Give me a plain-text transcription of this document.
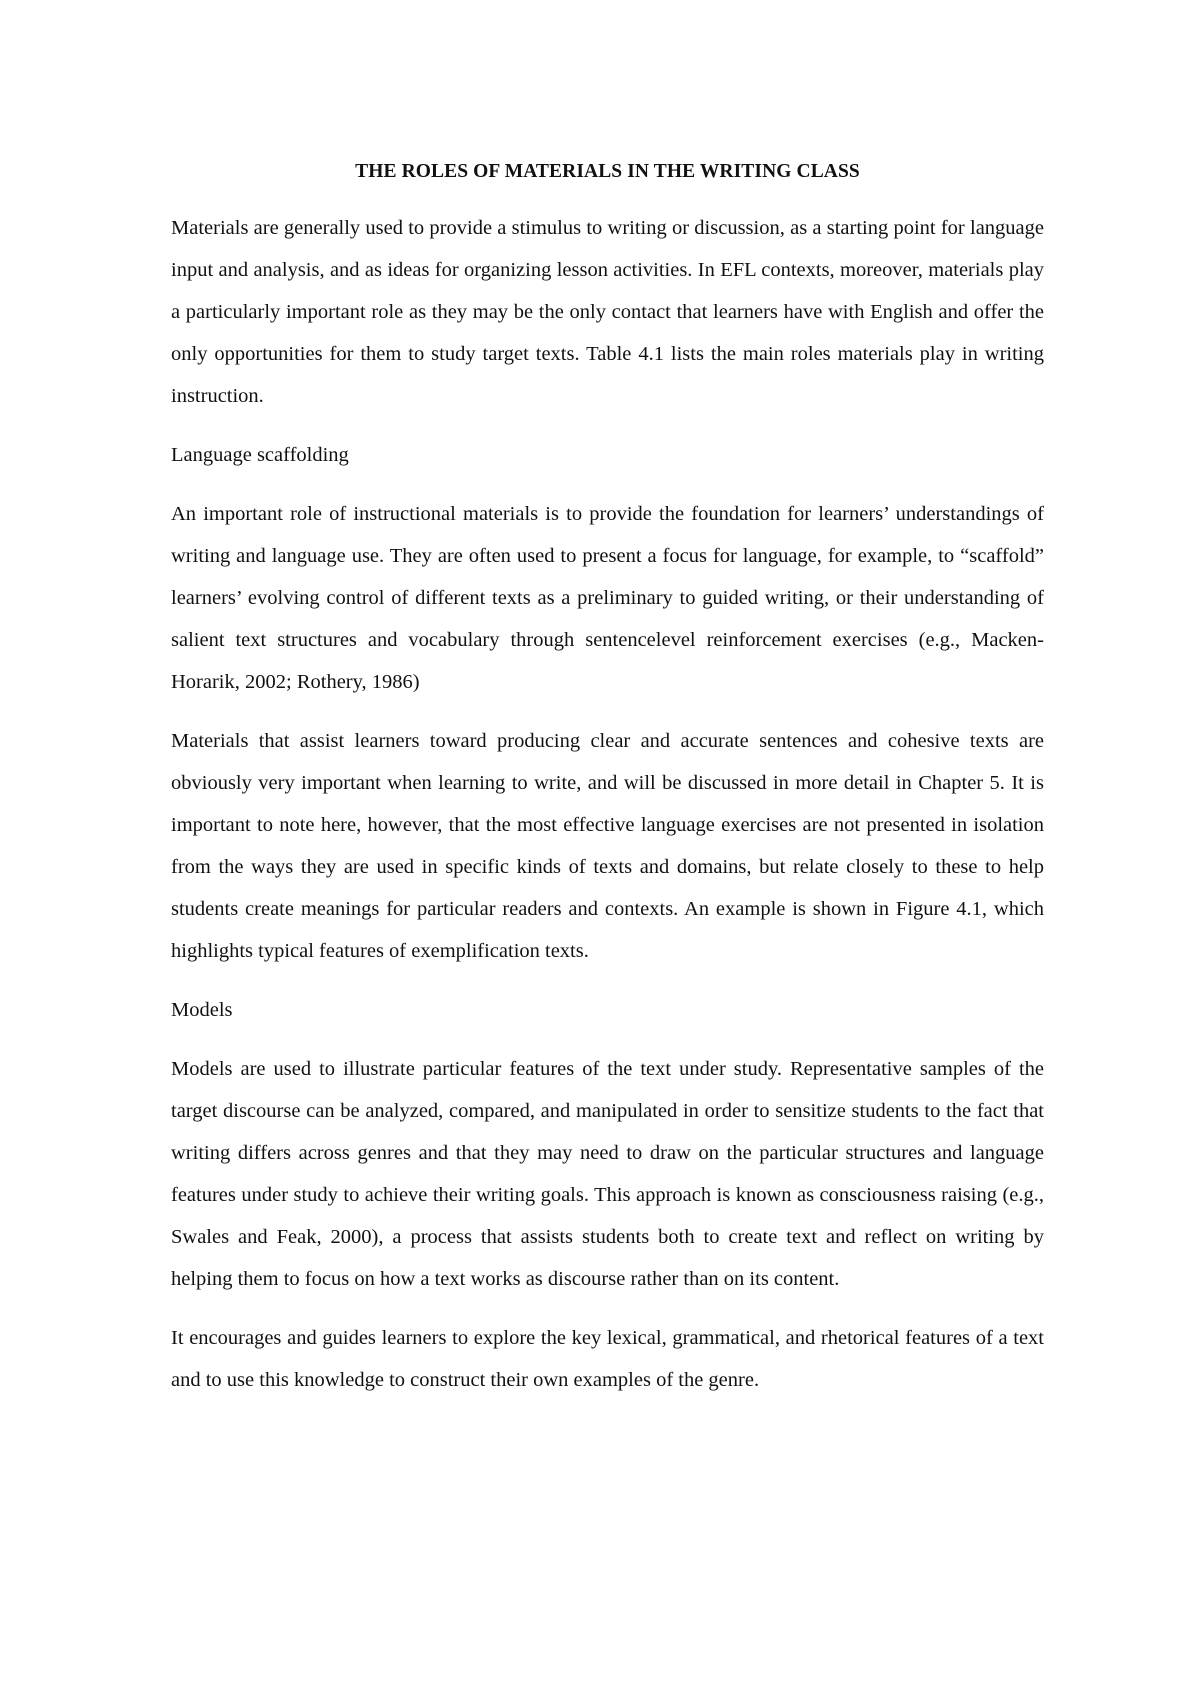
THE ROLES OF MATERIALS IN THE WRITING CLASS

Materials are generally used to provide a stimulus to writing or discussion, as a starting point for language input and analysis, and as ideas for organizing lesson activities. In EFL contexts, moreover, materials play a particularly important role as they may be the only contact that learners have with English and offer the only opportunities for them to study target texts. Table 4.1 lists the main roles materials play in writing instruction.

Language scaffolding

An important role of instructional materials is to provide the foundation for learners’ understandings of writing and language use. They are often used to present a focus for language, for example, to “scaffold” learners’ evolving control of different texts as a preliminary to guided writing, or their understanding of salient text structures and vocabulary through sentencelevel reinforcement exercises (e.g., Macken-Horarik, 2002; Rothery, 1986)

Materials that assist learners toward producing clear and accurate sentences and cohesive texts are obviously very important when learning to write, and will be discussed in more detail in Chapter 5. It is important to note here, however, that the most effective language exercises are not presented in isolation from the ways they are used in specific kinds of texts and domains, but relate closely to these to help students create meanings for particular readers and contexts. An example is shown in Figure 4.1, which highlights typical features of exemplification texts.

Models

Models are used to illustrate particular features of the text under study. Representative samples of the target discourse can be analyzed, compared, and manipulated in order to sensitize students to the fact that writing differs across genres and that they may need to draw on the particular structures and language features under study to achieve their writing goals. This approach is known as consciousness raising (e.g., Swales and Feak, 2000), a process that assists students both to create text and reflect on writing by helping them to focus on how a text works as discourse rather than on its content.

It encourages and guides learners to explore the key lexical, grammatical, and rhetorical features of a text and to use this knowledge to construct their own examples of the genre.
